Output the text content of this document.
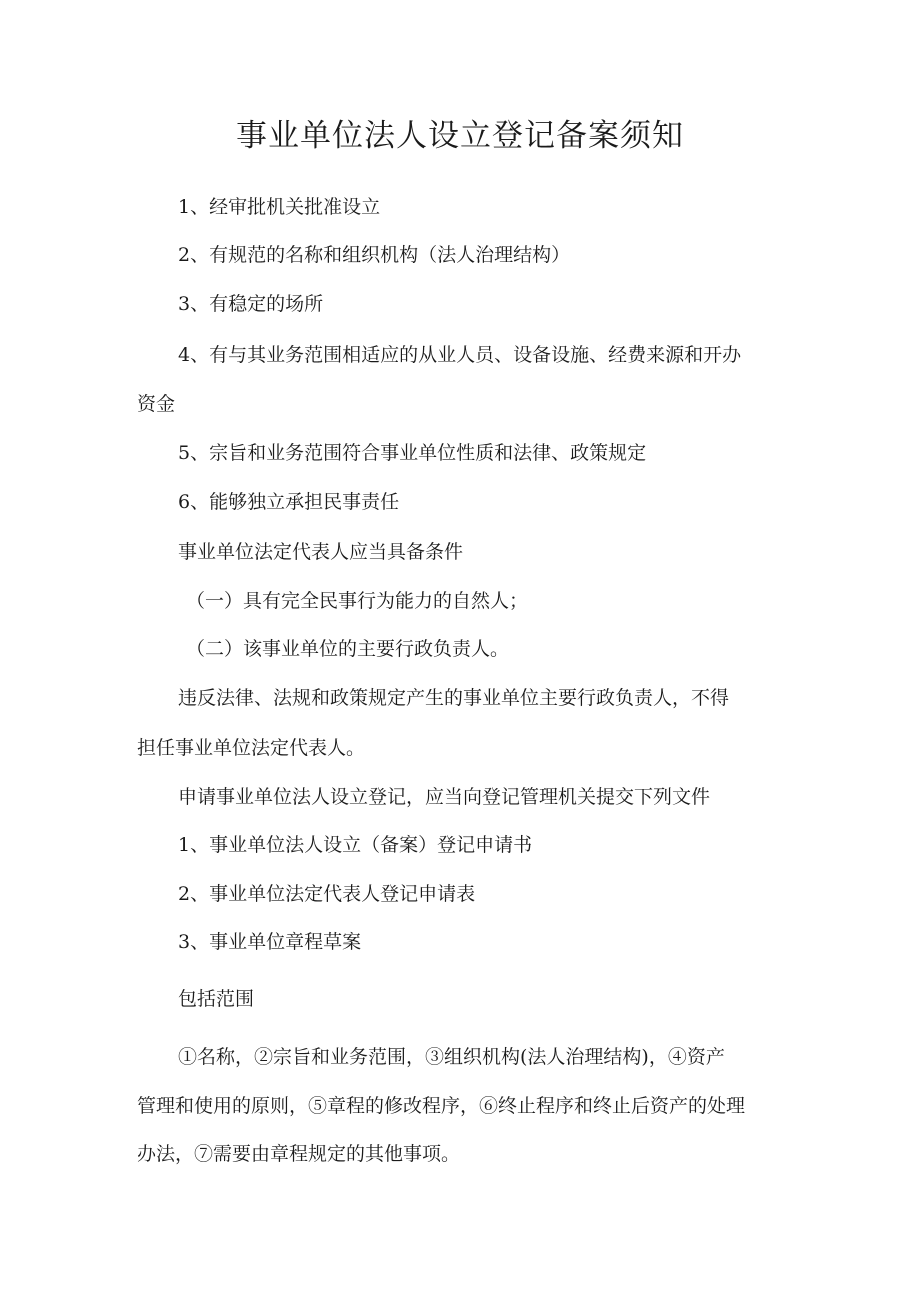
事业单位法人设立登记备案须知

1、经审批机关批准设立

2、有规范的名称和组织机构（法人治理结构）

3、有稳定的场所

4、有与其业务范围相适应的从业人员、设备设施、经费来源和开办

资金

5、宗旨和业务范围符合事业单位性质和法律、政策规定

6、能够独立承担民事责任

事业单位法定代表人应当具备条件

（一）具有完全民事行为能力的自然人；

（二）该事业单位的主要行政负责人。

违反法律、法规和政策规定产生的事业单位主要行政负责人，不得

担任事业单位法定代表人。

申请事业单位法人设立登记，应当向登记管理机关提交下列文件

1、事业单位法人设立（备案）登记申请书

2、事业单位法定代表人登记申请表

3、事业单位章程草案

包括范围

①名称，②宗旨和业务范围，③组织机构(法人治理结构)，④资产

管理和使用的原则，⑤章程的修改程序，⑥终止程序和终止后资产的处理

办法，⑦需要由章程规定的其他事项。
